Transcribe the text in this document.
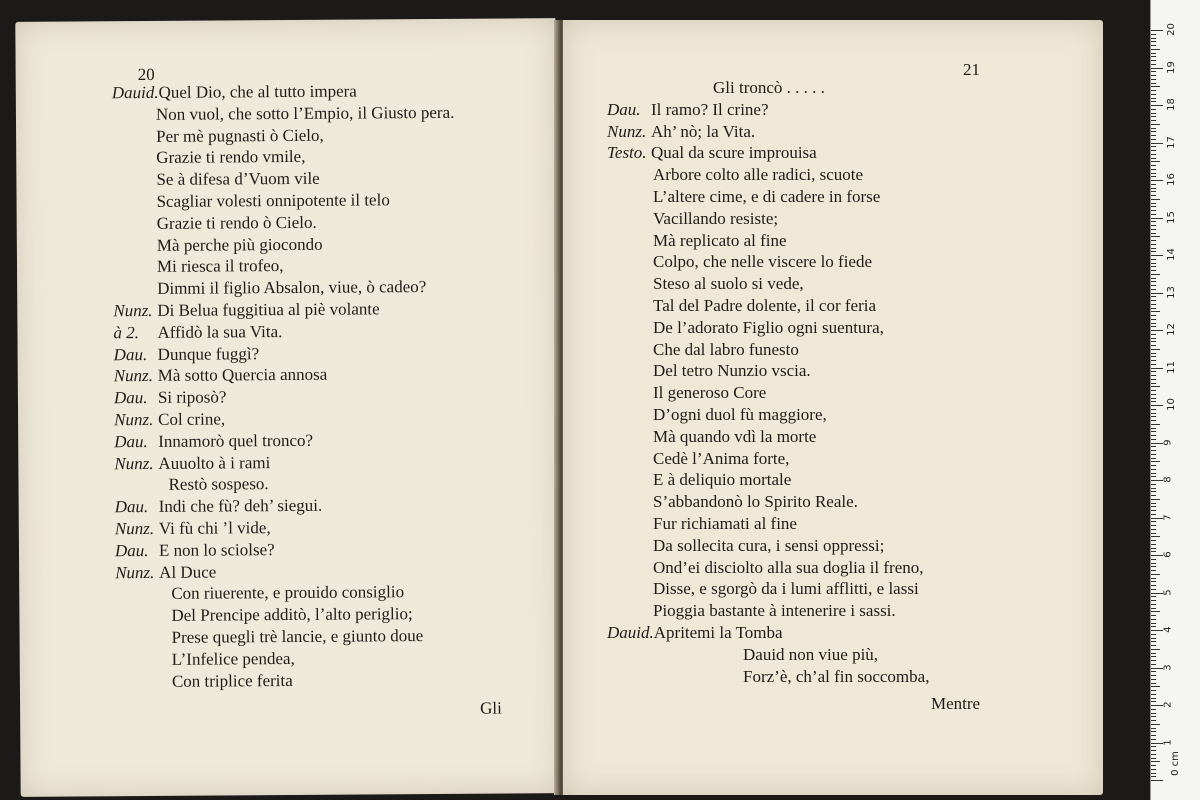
20
Dauid.Quel Dio, che al tutto impera
Non vuol, che sotto l’Empio, il Giusto pera.
Per mè pugnasti ò Cielo,
Grazie ti rendo vmile,
Se à difesa d’Vuom vile
Scagliar volesti onnipotente il telo
Grazie ti rendo ò Cielo.
Mà perche più giocondo
Mi riesca il trofeo,
Dimmi il figlio Absalon, viue, ò cadeo?
Nunz. Di Belua fuggitiua al piè volante
à 2. Affidò la sua Vita.
Dau. Dunque fuggì?
Nunz. Mà sotto Quercia annosa
Dau. Si riposò?
Nunz. Col crine,
Dau. Innamorò quel tronco?
Nunz. Auuolto à i rami
Restò sospeso.
Dau. Indi che fù? deh’ siegui.
Nunz. Vi fù chi ’l vide,
Dau. E non lo sciolse?
Nunz. Al Duce
Con riuerente, e prouido consiglio
Del Prencipe additò, l’alto periglio;
Prese quegli trè lancie, e giunto doue
L’Infelice pendea,
Con triplice ferita
Gli
21
Gli troncò . . . . .
Dau. Il ramo? Il crine?
Nunz. Ah’ nò; la Vita.
Testo. Qual da scure improuisa
Arbore colto alle radici, scuote
L’altere cime, e di cadere in forse
Vacillando resiste;
Mà replicato al fine
Colpo, che nelle viscere lo fiede
Steso al suolo si vede,
Tal del Padre dolente, il cor feria
De l’adorato Figlio ogni suentura,
Che dal labro funesto
Del tetro Nunzio vscia.
Il generoso Core
D’ogni duol fù maggiore,
Mà quando vdì la morte
Cedè l’Anima forte,
E à deliquio mortale
S’abbandonò lo Spirito Reale.
Fur richiamati al fine
Da sollecita cura, i sensi oppressi;
Ond’ei disciolto alla sua doglia il freno,
Disse, e sgorgò da i lumi afflitti, e lassi
Pioggia bastante à intenerire i sassi.
Dauid.Apritemi la Tomba
Dauid non viue più,
Forz’è, ch’al fin soccomba,
Mentre
1
2
3
4
5
6
7
8
9
10
11
12
13
14
15
16
17
18
19
20
0 cm
